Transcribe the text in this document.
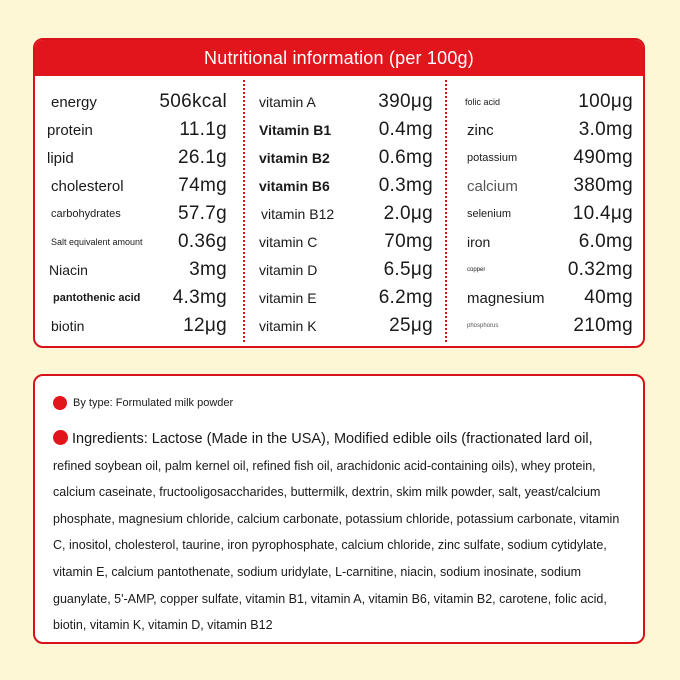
Nutritional information (per 100g)
energy	506kcal
protein	11.1g
lipid	26.1g
cholesterol	74mg
carbohydrates	57.7g
Salt equivalent amount 0.36g
Niacin	3mg
pantothenic acid 4.3mg
biotin	12μg
vitamin A	390μg
Vitamin B1	0.4mg
vitamin B2	0.6mg
vitamin B6	0.3mg
vitamin B12	2.0μg
vitamin C	70mg
vitamin D	6.5μg
vitamin E	6.2mg
vitamin K	25μg
folic acid	100μg
zinc	3.0mg
potassium	490mg
calcium	380mg
selenium	10.4μg
iron	6.0mg
copper	0.32mg
magnesium 40mg
phosphorus	210mg
By type: Formulated milk powder
Ingredients: Lactose (Made in the USA), Modified edible oils (fractionated lard oil, refined soybean oil, palm kernel oil, refined fish oil, arachidonic acid-containing oils), whey protein, calcium caseinate, fructooligosaccharides, buttermilk, dextrin, skim milk powder, salt, yeast/calcium phosphate, magnesium chloride, calcium carbonate, potassium chloride, potassium carbonate, vitamin C, inositol, cholesterol, taurine, iron pyrophosphate, calcium chloride, zinc sulfate, sodium cytidylate, vitamin E, calcium pantothenate, sodium uridylate, L-carnitine, niacin, sodium inosinate, sodium guanylate, 5'-AMP, copper sulfate, vitamin B1, vitamin A, vitamin B6, vitamin B2, carotene, folic acid, biotin, vitamin K, vitamin D, vitamin B12
